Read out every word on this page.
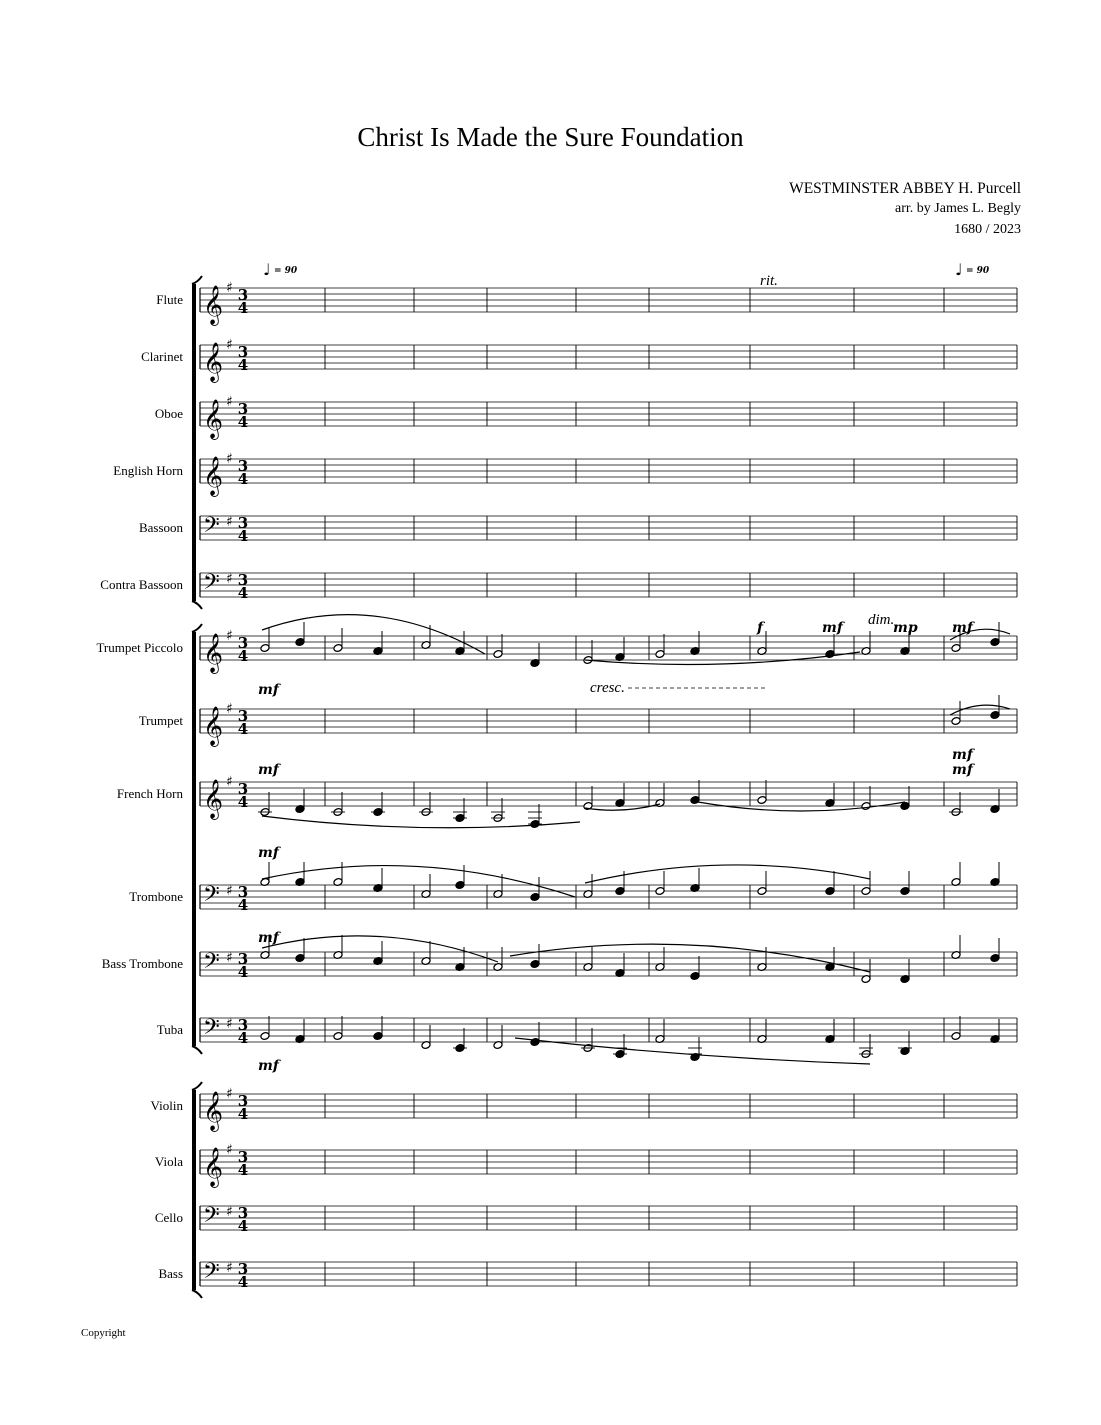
Christ Is Made the Sure Foundation
WESTMINSTER ABBEY H. Purcell
arr. by James L. Begly
1680 / 2023
Copyright
Flute 𝄞 ♯ 3
4
Clarinet 𝄞 ♯ 3
4
Oboe 𝄞 ♯ 3
4
English Horn 𝄞 ♯ 3
4
Bassoon 𝄢 ♯ 3
4
Contra Bassoon 𝄢 ♯ 3
4
Trumpet Piccolo 𝄞 ♯ 3
4
Trumpet 𝄞 ♯ 3
4
French Horn 𝄞 ♯ 3
4
Trombone 𝄢 ♯ 3
4
Bass Trombone 𝄢 ♯ 3
4
Tuba 𝄢 ♯ 3
4
Violin 𝄞 ♯ 3
4
Viola 𝄞 ♯ 3
4
Cello 𝄢 ♯ 3
4
Bass 𝄢 ♯ 3
4
♩ = 90	♩ = 90
rit.
mf
f	mf	mp mf
cresc.
dim.
mf
mf	mf
mf
mf
mf
